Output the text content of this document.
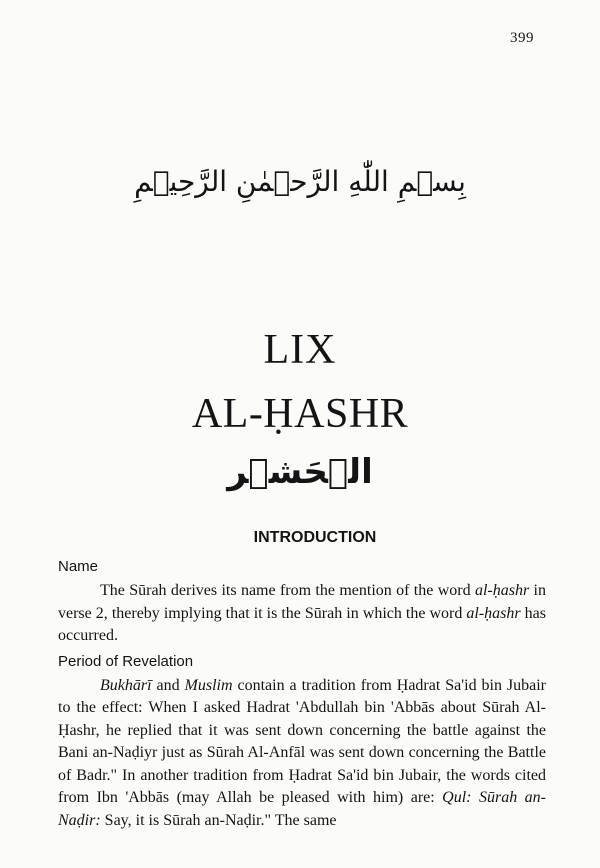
399
بِسۡمِ اللّٰهِ الرَّحۡمٰنِ الرَّحِيۡمِ
LIX
AL-ḤASHR
الۡحَشۡر
INTRODUCTION

Name

The Sūrah derives its name from the mention of the word al-ḥashr in verse 2, thereby implying that it is the Sūrah in which the word al-ḥashr has occurred.

Period of Revelation

Bukhārī and Muslim contain a tradition from Ḥadrat Sa'id bin Jubair to the effect: When I asked Hadrat 'Abdullah bin 'Abbās about Sūrah Al-Ḥashr, he replied that it was sent down concerning the battle against the Bani an-Naḍiyr just as Sūrah Al-Anfāl was sent down concerning the Battle of Badr." In another tradition from Ḥadrat Sa'id bin Jubair, the words cited from Ibn 'Abbās (may Allah be pleased with him) are: Qul: Sūrah an-Naḍir: Say, it is Sūrah an-Naḍir." The same
